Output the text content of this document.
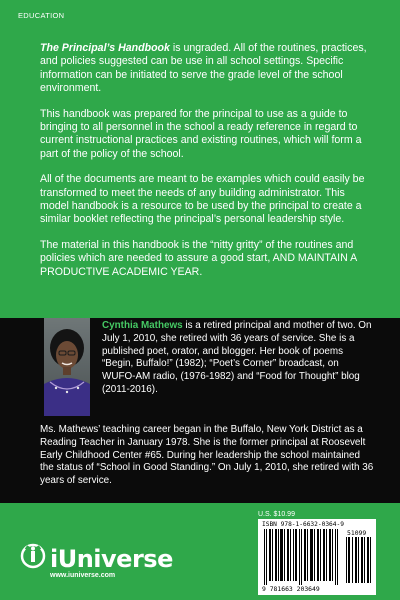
EDUCATION

The Principal’s Handbook is ungraded. All of the routines, practices, and policies suggested can be use in all school settings. Specific information can be initiated to serve the grade level of the school environment.

This handbook was prepared for the principal to use as a guide to bringing to all personnel in the school a ready reference in regard to current instructional practices and existing routines, which will form a part of the policy of the school.

All of the documents are meant to be examples which could easily be transformed to meet the needs of any building administrator. This model handbook is a resource to be used by the principal to create a similar booklet reflecting the principal’s personal leadership style.

The material in this handbook is the “nitty gritty” of the routines and policies which are needed to assure a good start, AND MAINTAIN A PRODUCTIVE ACADEMIC YEAR.

Cynthia Mathews is a retired principal and mother of two. On July 1, 2010, she retired with 36 years of service. She is a published poet, orator, and blogger. Her book of poems “Begin, Buffalo!” (1982); “Poet’s Corner” broadcast, on WUFO-AM radio, (1976-1982) and “Food for Thought” blog (2011-2016).
Ms. Mathews’ teaching career began in the Buffalo, New York District as a Reading Teacher in January 1978. She is the former principal at Roosevelt Early Childhood Center #65. During her leadership the school maintained the status of “School in Good Standing.” On July 1, 2010, she retired with 36 years of service.
U.S. $10.99
ISBN 978-1-6632-0364-9
51099
9 781663 203649
iUniverse
www.iuniverse.com
